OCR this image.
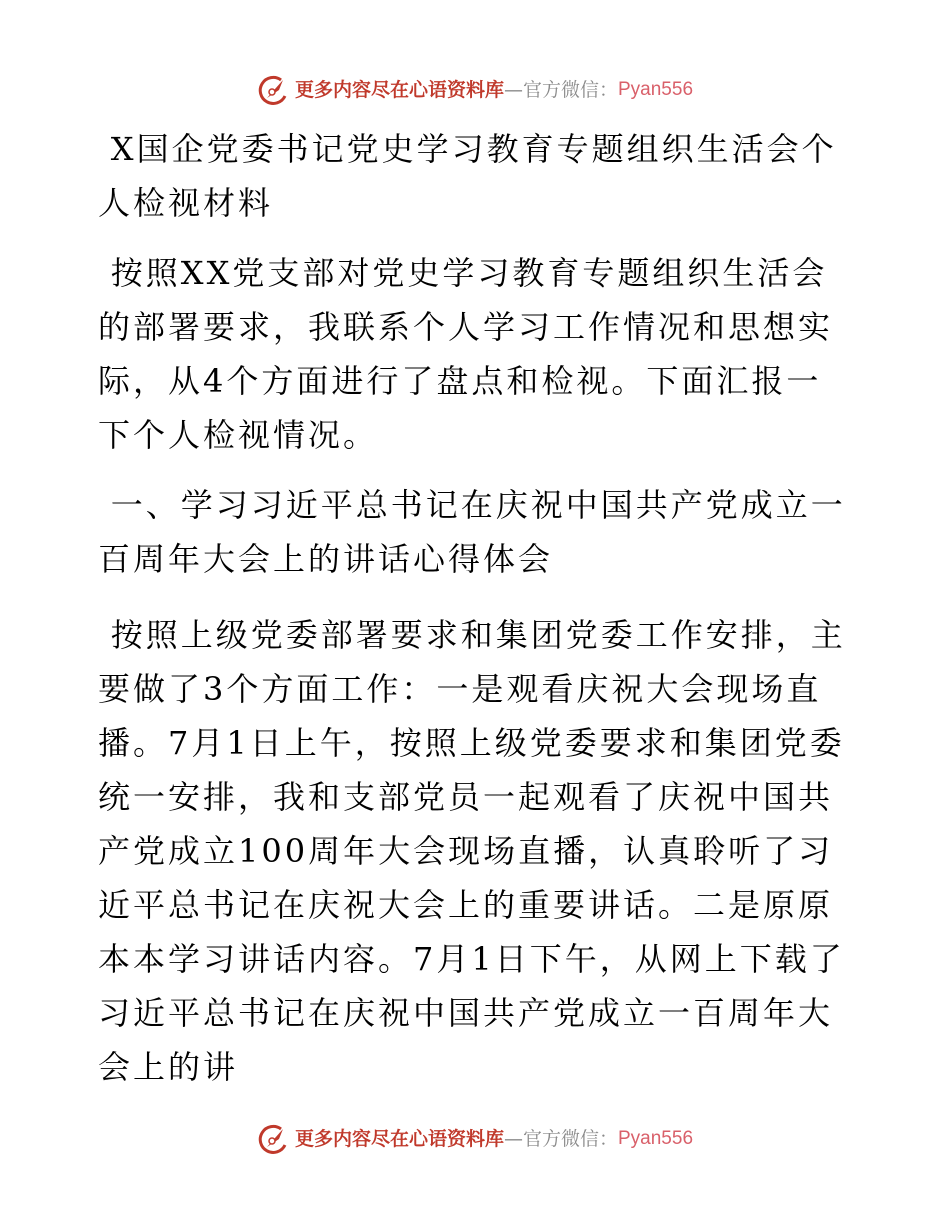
更多内容尽在心语资料库 — 官方微信： Pyan556

X国企党委书记党史学习教育专题组织生活会个人检视材料

按照XX党支部对党史学习教育专题组织生活会的部署要求，我联系个人学习工作情况和思想实际，从4个方面进行了盘点和检视。下面汇报一下个人检视情况。

一、学习习近平总书记在庆祝中国共产党成立一百周年大会上的讲话心得体会

按照上级党委部署要求和集团党委工作安排，主要做了3个方面工作：一是观看庆祝大会现场直播。7月1日上午，按照上级党委要求和集团党委统一安排，我和支部党员一起观看了庆祝中国共产党成立100周年大会现场直播，认真聆听了习近平总书记在庆祝大会上的重要讲话。二是原原本本学习讲话内容。7月1日下午，从网上下载了习近平总书记在庆祝中国共产党成立一百周年大会上的讲

更多内容尽在心语资料库 — 官方微信： Pyan556
